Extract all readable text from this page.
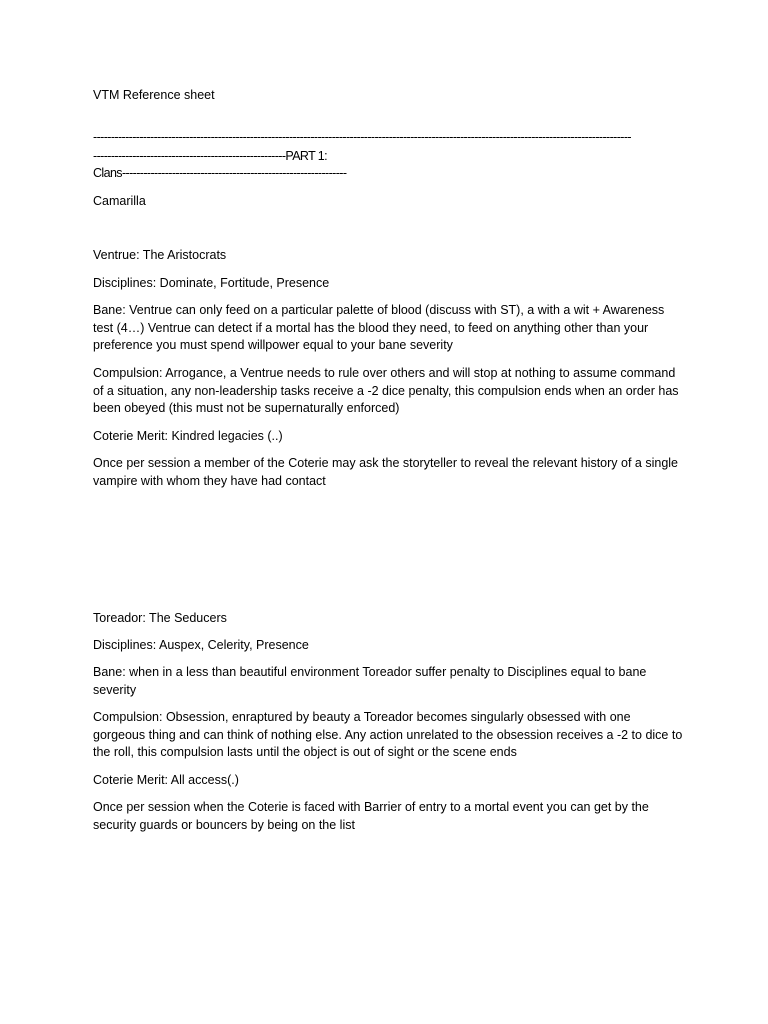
VTM Reference sheet
-------------------------------------------------------------------------------------------------------------------------------------------------------
------------------------------------------------------PART 1:
Clans---------------------------------------------------------------
Camarilla
Ventrue: The Aristocrats
Disciplines: Dominate, Fortitude, Presence
Bane: Ventrue can only feed on a particular palette of blood (discuss with ST), a with a wit + Awareness test (4…) Ventrue can detect if a mortal has the blood they need, to feed on anything other than your preference you must spend willpower equal to your bane severity
Compulsion: Arrogance, a Ventrue needs to rule over others and will stop at nothing to assume command of a situation, any non-leadership tasks receive a -2 dice penalty, this compulsion ends when an order has been obeyed (this must not be supernaturally enforced)
Coterie Merit: Kindred legacies (..)
Once per session a member of the Coterie may ask the storyteller to reveal the relevant history of a single vampire with whom they have had contact
Toreador: The Seducers
Disciplines: Auspex, Celerity, Presence
Bane: when in a less than beautiful environment Toreador suffer penalty to Disciplines equal to bane severity
Compulsion: Obsession, enraptured by beauty a Toreador becomes singularly obsessed with one gorgeous thing and can think of nothing else. Any action unrelated to the obsession receives a -2 to dice to the roll, this compulsion lasts until the object is out of sight or the scene ends
Coterie Merit: All access(.)
Once per session when the Coterie is faced with Barrier of entry to a mortal event you can get by the security guards or bouncers by being on the list
